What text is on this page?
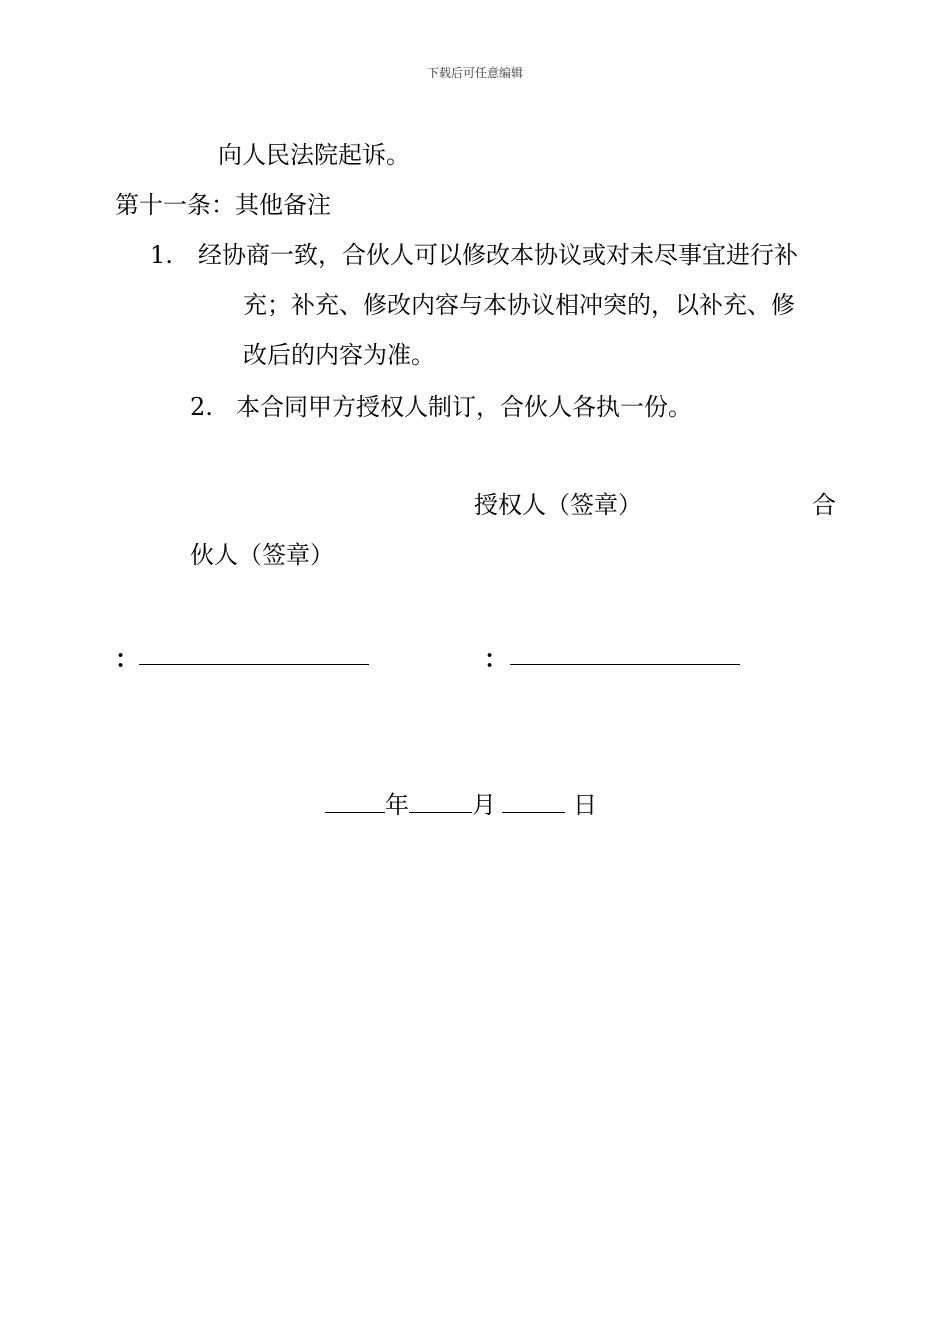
下载后可任意编辑
向人民法院起诉。
第十一条：其他备注
1. 经协商一致，合伙人可以修改本协议或对未尽事宜进行补
充；补充、修改内容与本协议相冲突的，以补充、修
改后的内容为准。
2. 本合同甲方授权人制订，合伙人各执一份。
授权人（签章）	合
伙人（签章）
：	：
年	月	日
